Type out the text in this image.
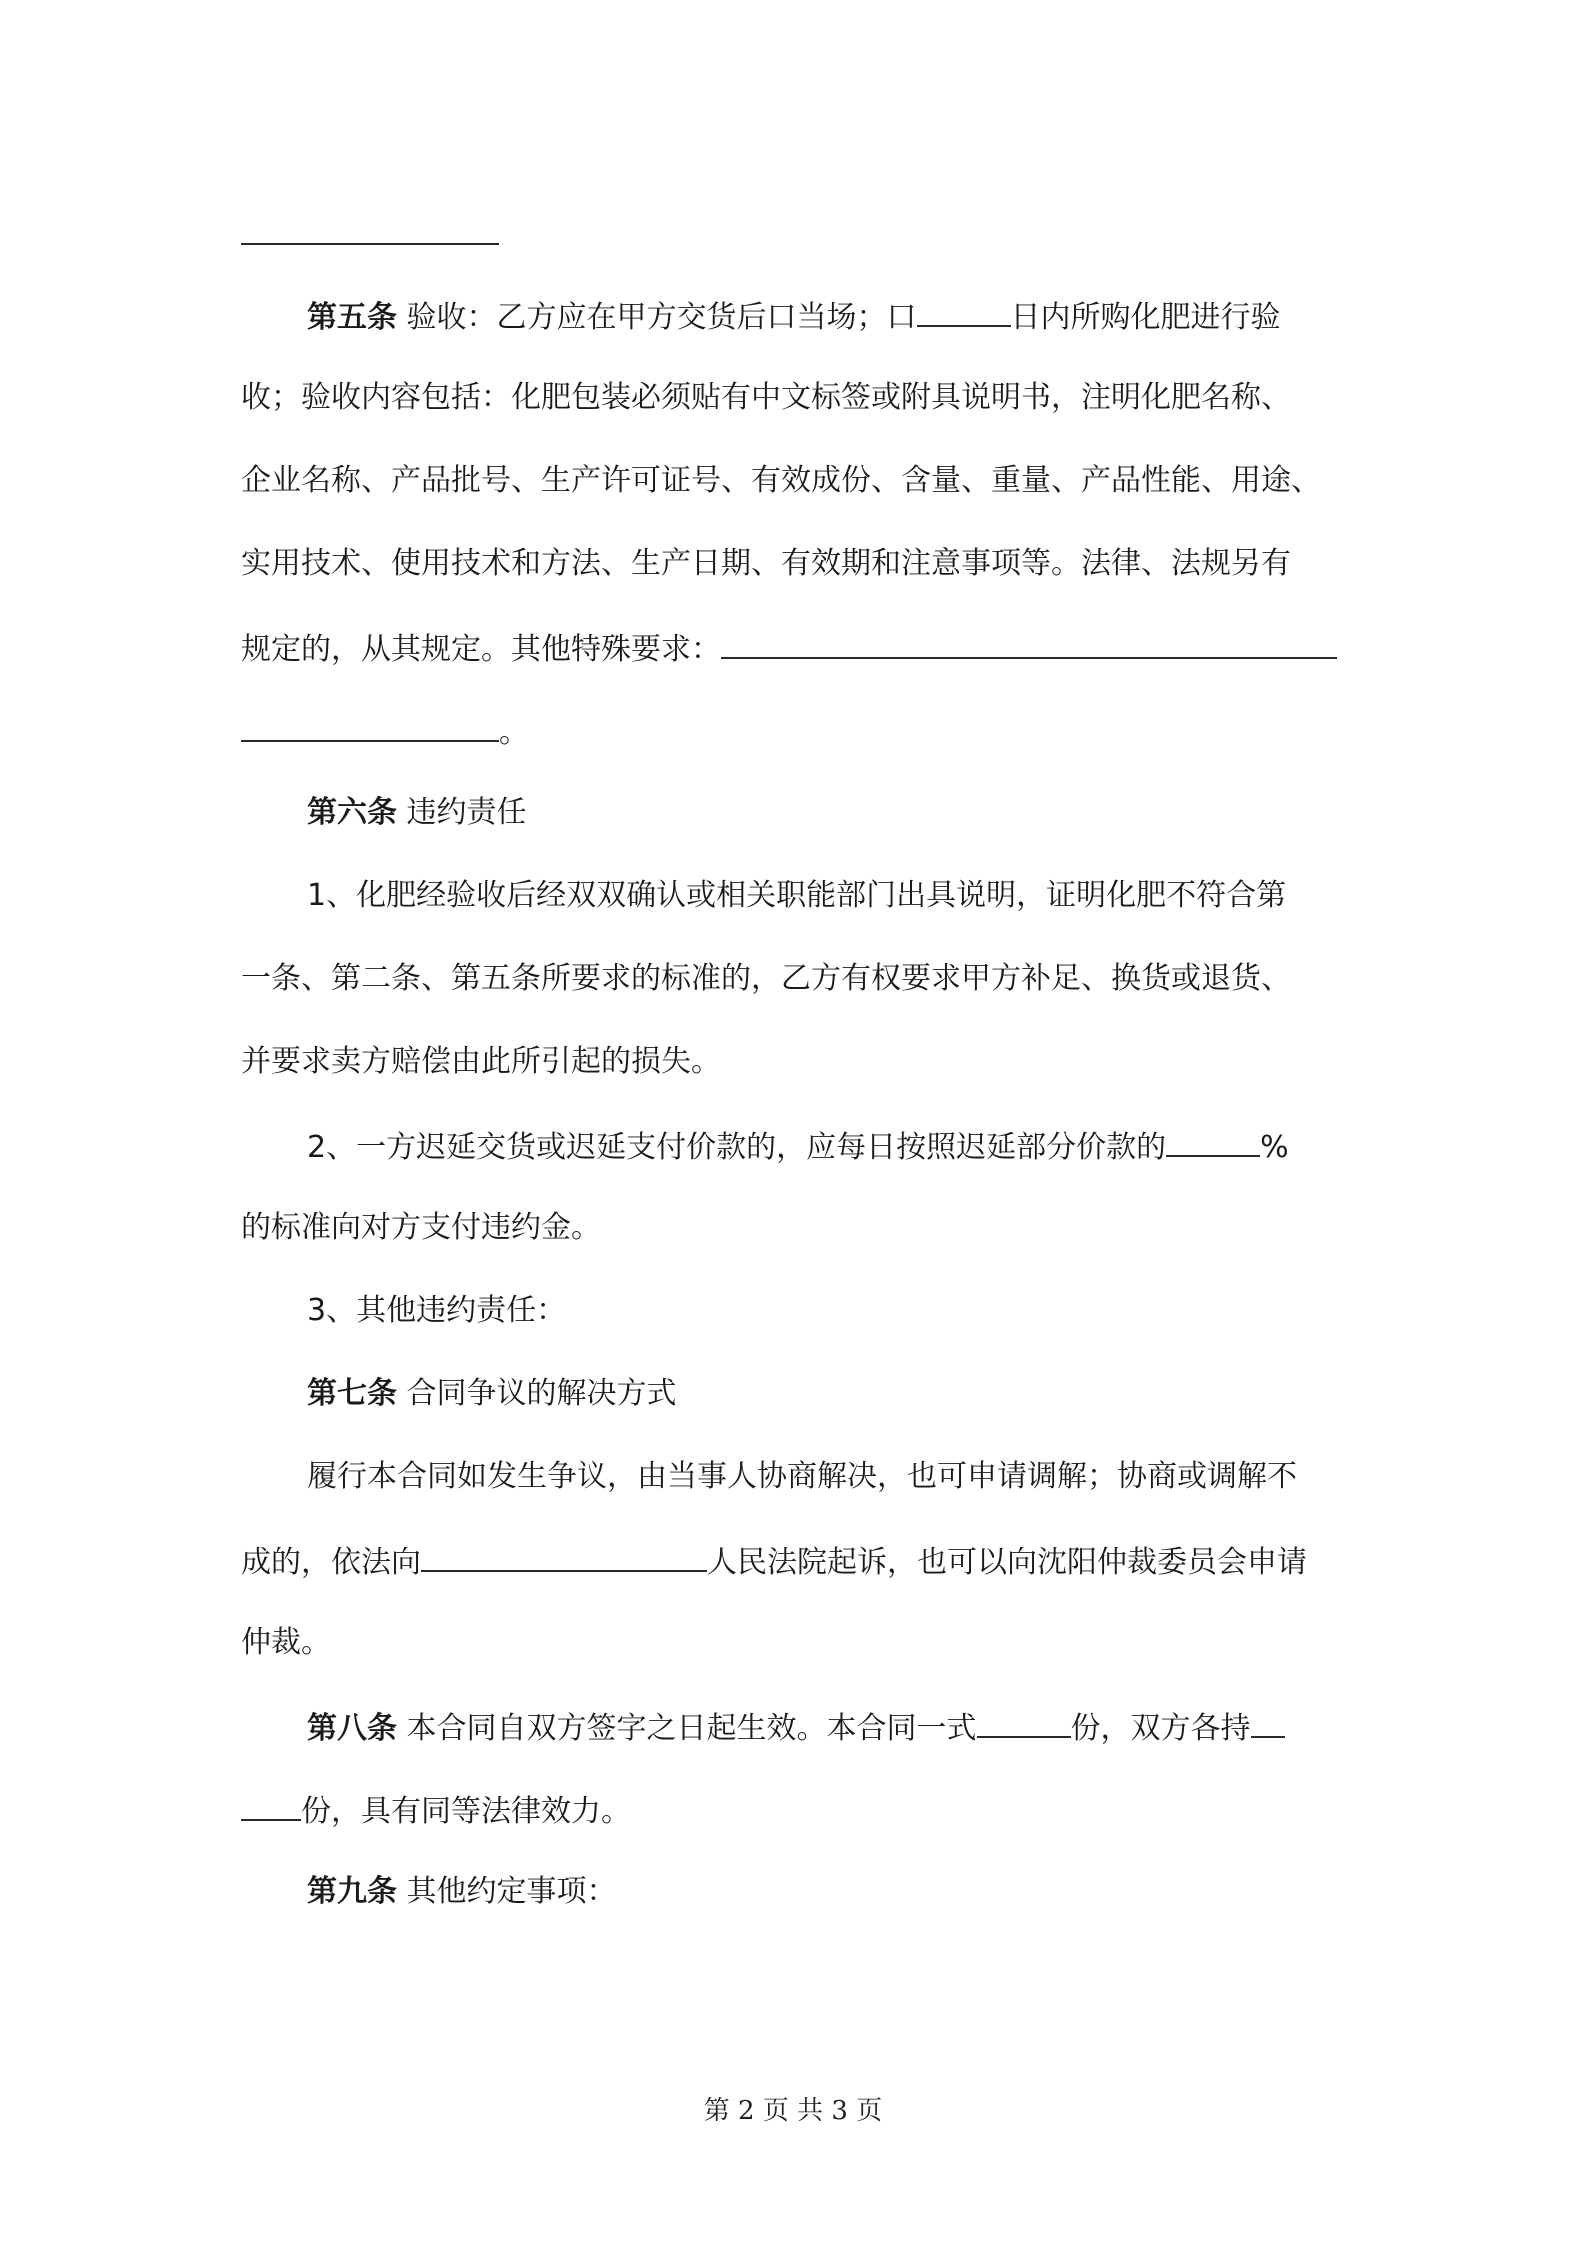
第五条 验收：乙方应在甲方交货后口当场；口	日内所购化肥进行验
收；验收内容包括：化肥包装必须贴有中文标签或附具说明书，注明化肥名称、
企业名称、产品批号、生产许可证号、有效成份、含量、重量、产品性能、用途、
实用技术、使用技术和方法、生产日期、有效期和注意事项等。法律、法规另有
规定的，从其规定。其他特殊要求：
。
第六条 违约责任
1、化肥经验收后经双双确认或相关职能部门出具说明，证明化肥不符合第
一条、第二条、第五条所要求的标准的，乙方有权要求甲方补足、换货或退货、
并要求卖方赔偿由此所引起的损失。
2、一方迟延交货或迟延支付价款的，应每日按照迟延部分价款的	%
的标准向对方支付违约金。
3、其他违约责任：
第七条 合同争议的解决方式
履行本合同如发生争议，由当事人协商解决，也可申请调解；协商或调解不
成的，依法向	人民法院起诉，也可以向沈阳仲裁委员会申请
仲裁。
第八条 本合同自双方签字之日起生效。本合同一式	份，双方各持
份，具有同等法律效力。
第九条 其他约定事项：
第 2 页 共 3 页
